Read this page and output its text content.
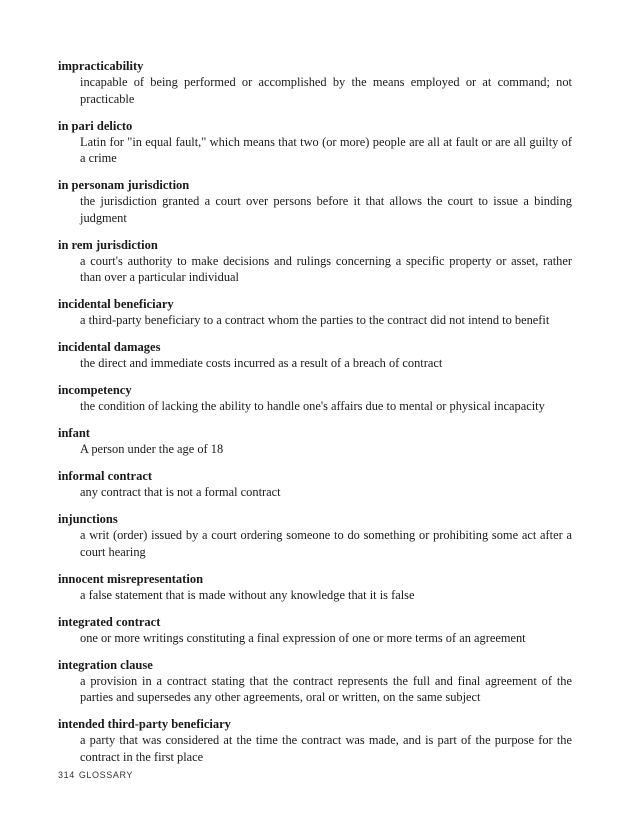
impracticability

incapable of being performed or accomplished by the means employed or at command; not practicable

in pari delicto

Latin for "in equal fault," which means that two (or more) people are all at fault or are all guilty of a crime

in personam jurisdiction

the jurisdiction granted a court over persons before it that allows the court to issue a binding judgment

in rem jurisdiction

a court's authority to make decisions and rulings concerning a specific property or asset, rather than over a particular individual

incidental beneficiary

a third-party beneficiary to a contract whom the parties to the contract did not intend to benefit

incidental damages

the direct and immediate costs incurred as a result of a breach of contract

incompetency

the condition of lacking the ability to handle one's affairs due to mental or physical incapacity

infant

A person under the age of 18

informal contract

any contract that is not a formal contract

injunctions

a writ (order) issued by a court ordering someone to do something or prohibiting some act after a court hearing

innocent misrepresentation

a false statement that is made without any knowledge that it is false

integrated contract

one or more writings constituting a final expression of one or more terms of an agreement

integration clause

a provision in a contract stating that the contract represents the full and final agreement of the parties and supersedes any other agreements, oral or written, on the same subject

intended third-party beneficiary

a party that was considered at the time the contract was made, and is part of the purpose for the contract in the first place

314 GLOSSARY
